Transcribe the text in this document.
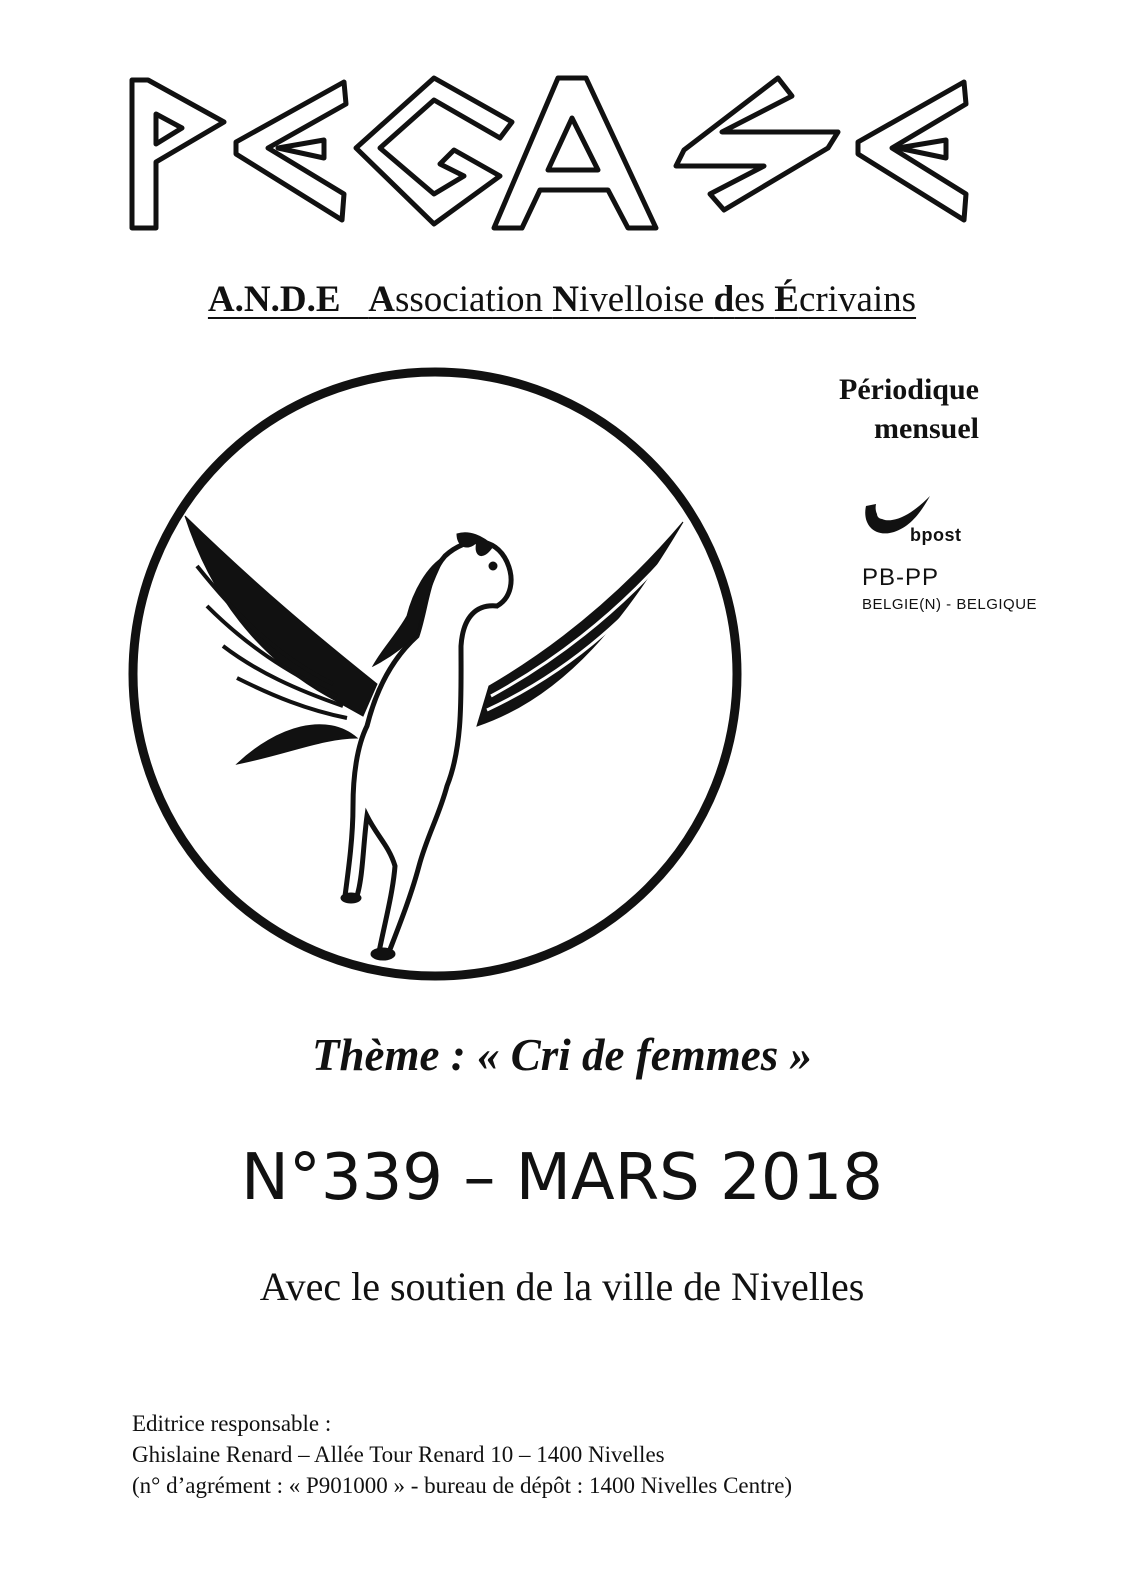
A.N.D.E Association Nivelloise des Écrivains
Périodique
mensuel
bpost
PB-PP
BELGIE(N) - BELGIQUE
Thème : « Cri de femmes »
N°339 – MARS 2018
Avec le soutien de la ville de Nivelles
Editrice responsable :
Ghislaine Renard – Allée Tour Renard 10 – 1400 Nivelles
(n° d’agrément : « P901000 » - bureau de dépôt : 1400 Nivelles Centre)
